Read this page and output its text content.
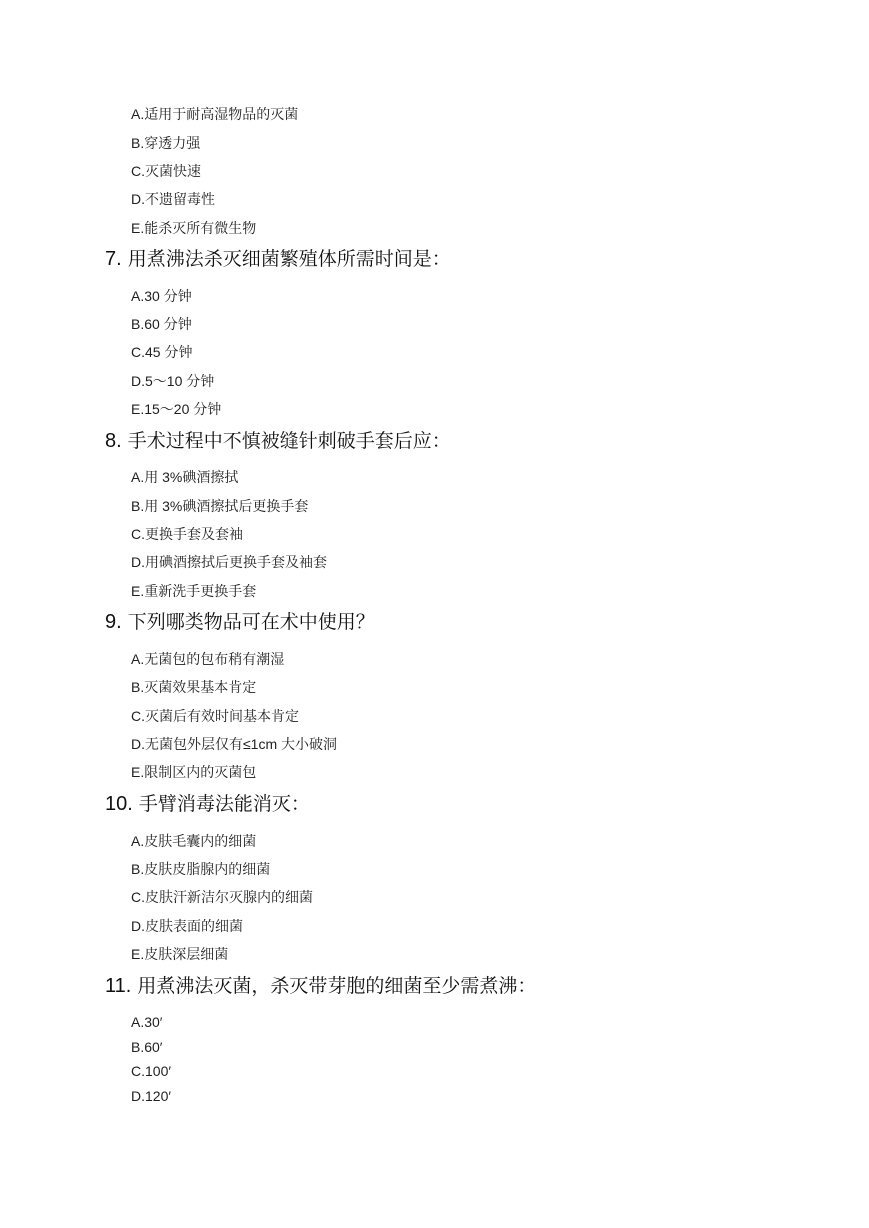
A.适用于耐高湿物品的灭菌
B.穿透力强
C.灭菌快速
D.不遗留毒性
E.能杀灭所有微生物
7. 用煮沸法杀灭细菌繁殖体所需时间是：
A.30 分钟
B.60 分钟
C.45 分钟
D.5～10 分钟
E.15～20 分钟
8. 手术过程中不慎被缝针刺破手套后应：
A.用 3%碘酒擦拭
B.用 3%碘酒擦拭后更换手套
C.更换手套及套袖
D.用碘酒擦拭后更换手套及袖套
E.重新洗手更换手套
9. 下列哪类物品可在术中使用？
A.无菌包的包布稍有潮湿
B.灭菌效果基本肯定
C.灭菌后有效时间基本肯定
D.无菌包外层仅有≤1cm 大小破洞
E.限制区内的灭菌包
10. 手臂消毒法能消灭：
A.皮肤毛囊内的细菌
B.皮肤皮脂腺内的细菌
C.皮肤汗新洁尔灭腺内的细菌
D.皮肤表面的细菌
E.皮肤深层细菌
11. 用煮沸法灭菌，杀灭带芽胞的细菌至少需煮沸：
A.30′
B.60′
C.100′
D.120′
